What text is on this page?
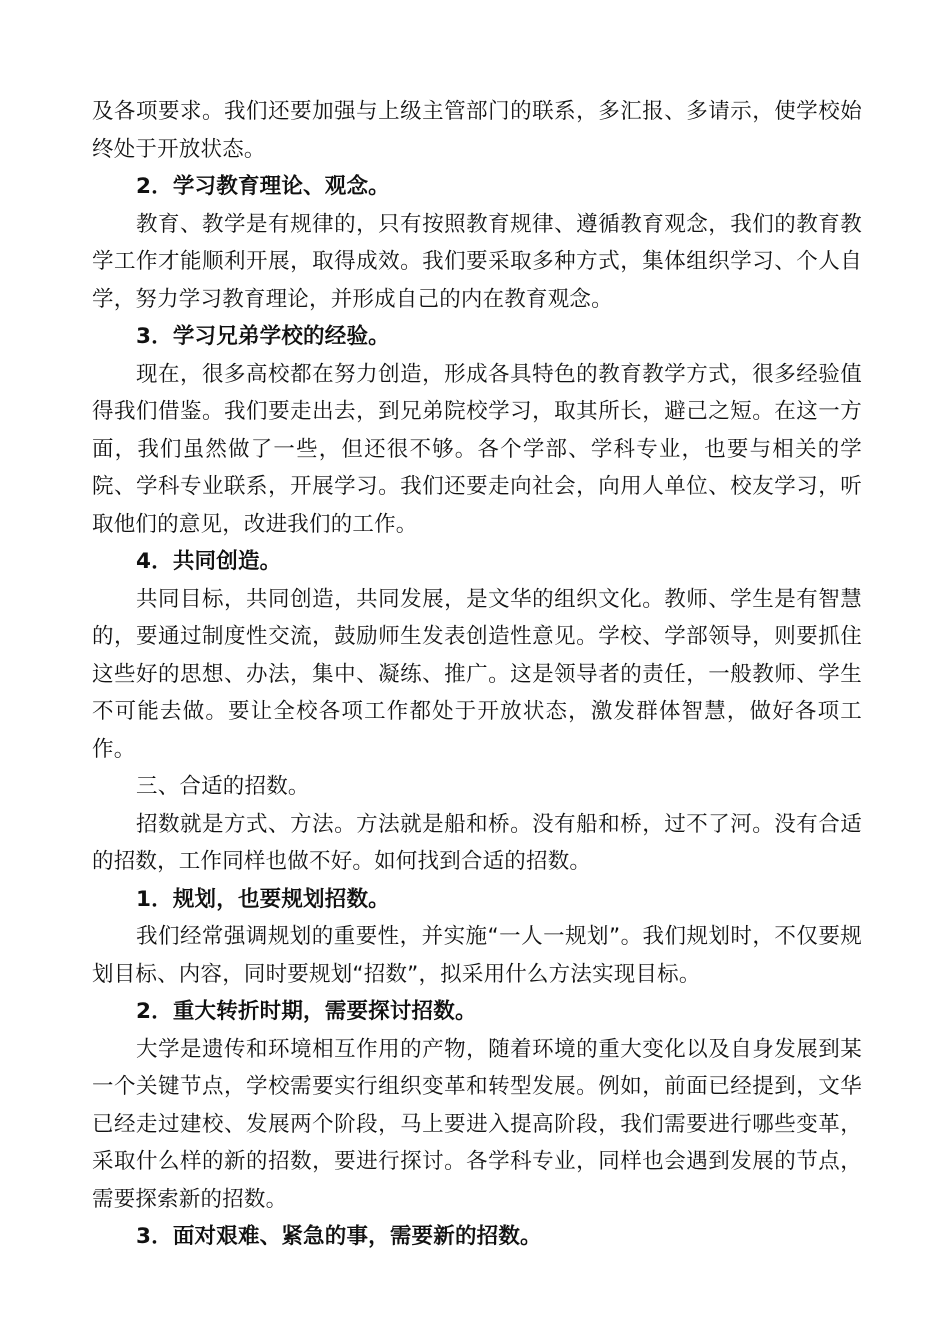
及各项要求。我们还要加强与上级主管部门的联系，多汇报、多请示，使学校始终处于开放状态。

2．学习教育理论、观念。

教育、教学是有规律的，只有按照教育规律、遵循教育观念，我们的教育教学工作才能顺利开展，取得成效。我们要采取多种方式，集体组织学习、个人自学，努力学习教育理论，并形成自己的内在教育观念。

3．学习兄弟学校的经验。

现在，很多高校都在努力创造，形成各具特色的教育教学方式，很多经验值得我们借鉴。我们要走出去，到兄弟院校学习，取其所长，避己之短。在这一方面，我们虽然做了一些，但还很不够。各个学部、学科专业，也要与相关的学院、学科专业联系，开展学习。我们还要走向社会，向用人单位、校友学习，听取他们的意见，改进我们的工作。

4．共同创造。

共同目标，共同创造，共同发展，是文华的组织文化。教师、学生是有智慧的，要通过制度性交流，鼓励师生发表创造性意见。学校、学部领导，则要抓住这些好的思想、办法，集中、凝练、推广。这是领导者的责任，一般教师、学生不可能去做。要让全校各项工作都处于开放状态，激发群体智慧，做好各项工作。

三、合适的招数。

招数就是方式、方法。方法就是船和桥。没有船和桥，过不了河。没有合适的招数，工作同样也做不好。如何找到合适的招数。

1．规划，也要规划招数。

我们经常强调规划的重要性，并实施“一人一规划”。我们规划时，不仅要规划目标、内容，同时要规划“招数”，拟采用什么方法实现目标。

2．重大转折时期，需要探讨招数。

大学是遗传和环境相互作用的产物，随着环境的重大变化以及自身发展到某一个关键节点，学校需要实行组织变革和转型发展。例如，前面已经提到，文华已经走过建校、发展两个阶段，马上要进入提高阶段，我们需要进行哪些变革，采取什么样的新的招数，要进行探讨。各学科专业，同样也会遇到发展的节点，需要探索新的招数。

3．面对艰难、紧急的事，需要新的招数。
